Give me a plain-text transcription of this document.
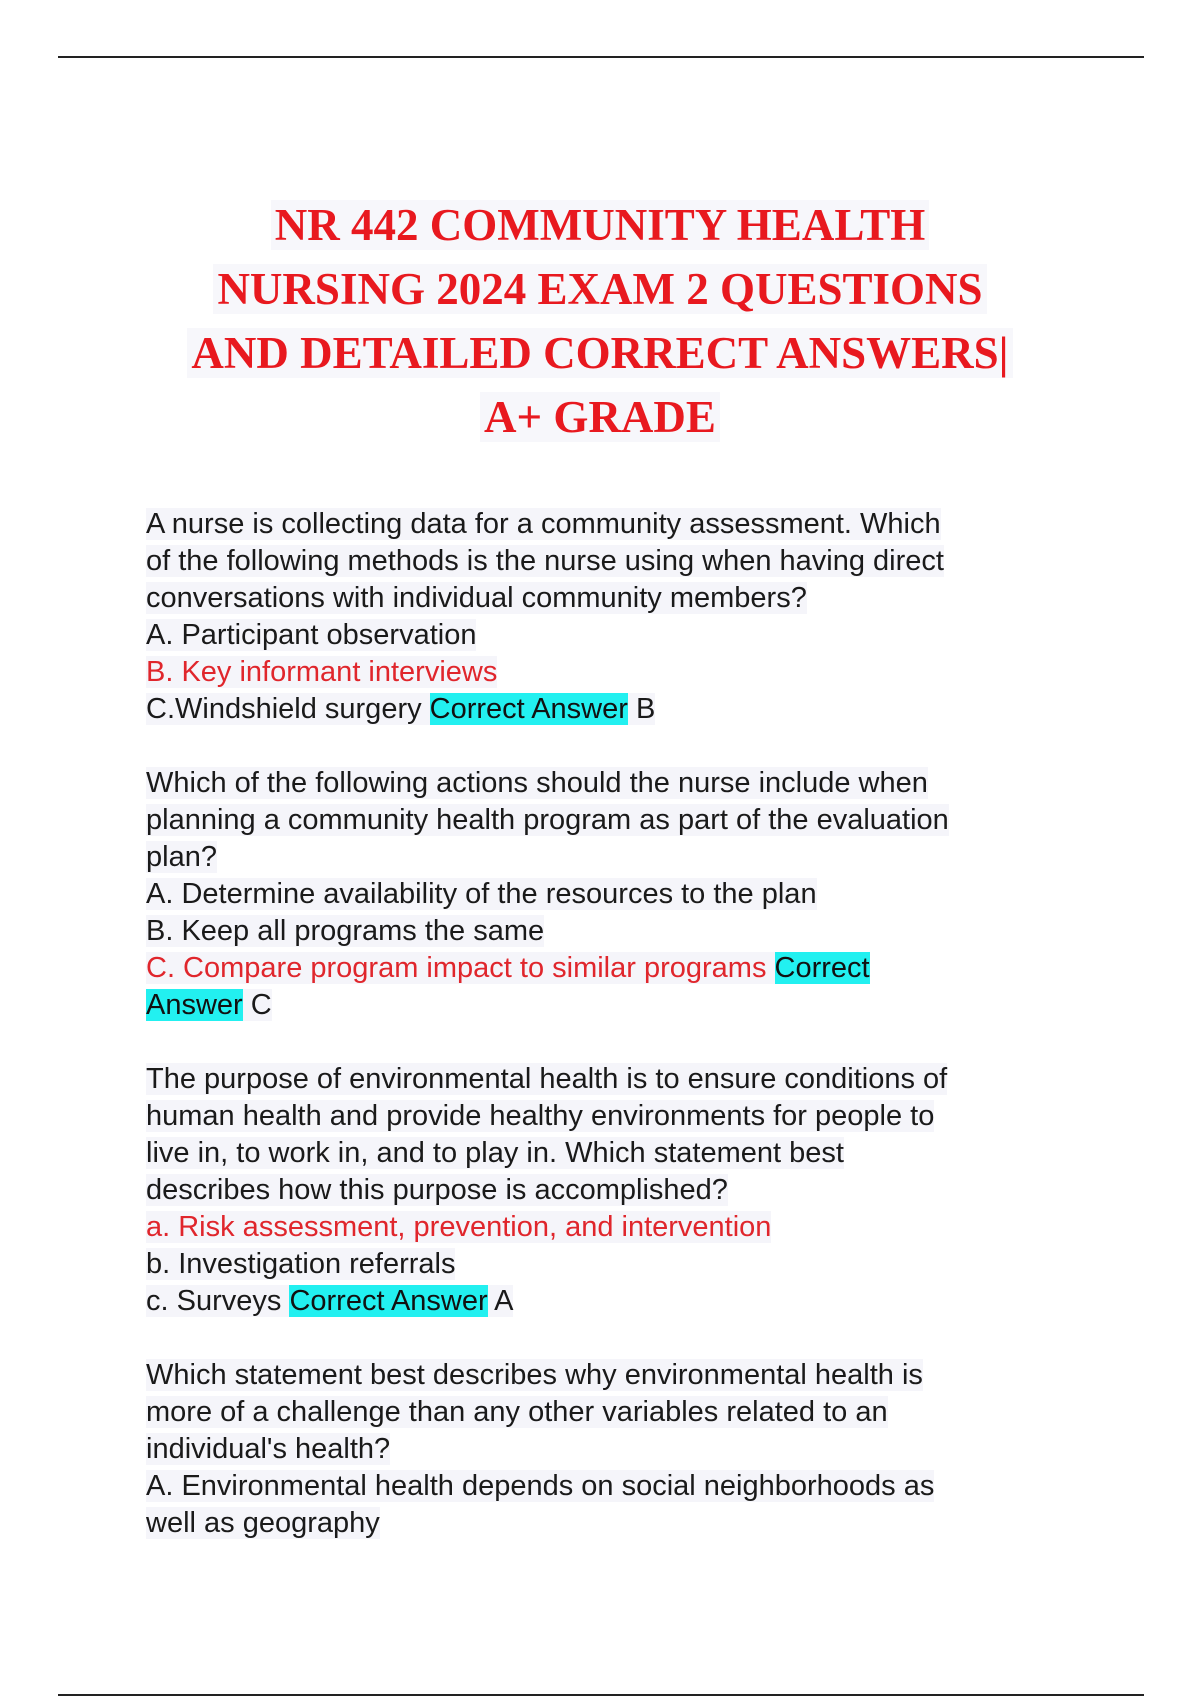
NR 442 COMMUNITY HEALTH
NURSING 2024 EXAM 2 QUESTIONS
AND DETAILED CORRECT ANSWERS|
A+ GRADE

A nurse is collecting data for a community assessment. Which
of the following methods is the nurse using when having direct
conversations with individual community members?

A. Participant observation
B. Key informant interviews
C.Windshield surgery Correct Answer B

Which of the following actions should the nurse include when
planning a community health program as part of the evaluation
plan?

A. Determine availability of the resources to the plan
B. Keep all programs the same
C. Compare program impact to similar programs Correct
Answer C

The purpose of environmental health is to ensure conditions of
human health and provide healthy environments for people to
live in, to work in, and to play in. Which statement best
describes how this purpose is accomplished?

a. Risk assessment, prevention, and intervention
b. Investigation referrals
c. Surveys Correct Answer A

Which statement best describes why environmental health is
more of a challenge than any other variables related to an
individual's health?

A. Environmental health depends on social neighborhoods as
well as geography
